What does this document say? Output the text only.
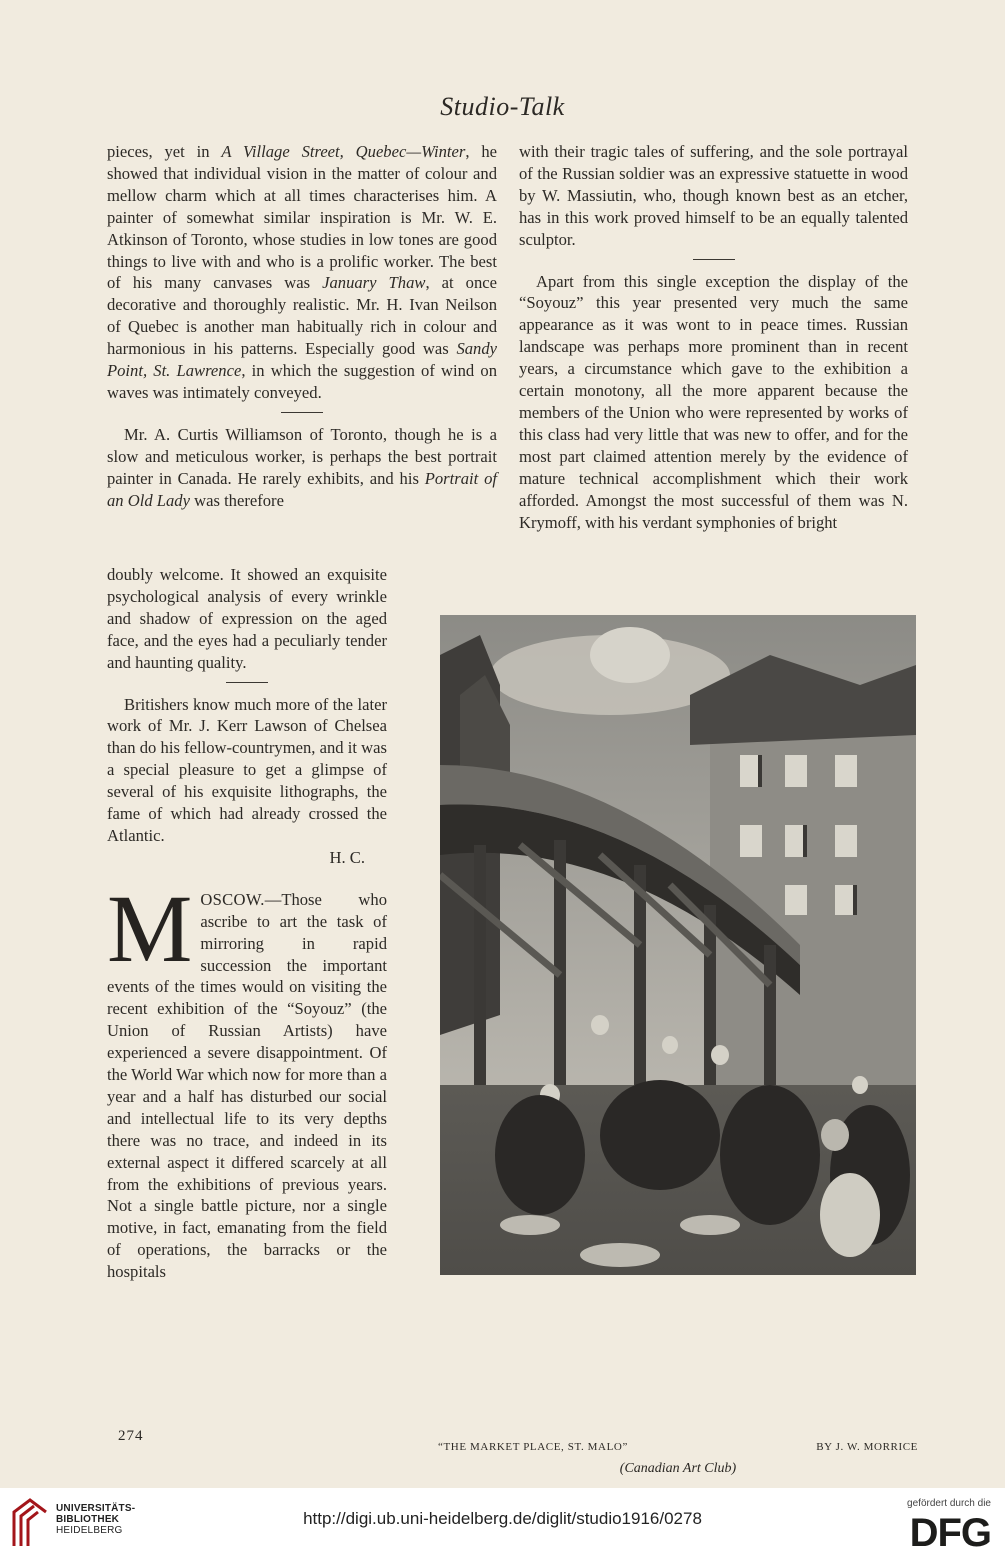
Studio-Talk

pieces, yet in A Village Street, Quebec—Winter, he showed that individual vision in the matter of colour and mellow charm which at all times characterises him. A painter of somewhat similar inspiration is Mr. W. E. Atkinson of Toronto, whose studies in low tones are good things to live with and who is a prolific worker. The best of his many canvases was January Thaw, at once decorative and thoroughly realistic. Mr. H. Ivan Neilson of Quebec is another man habitually rich in colour and harmonious in his patterns. Especially good was Sandy Point, St. Lawrence, in which the suggestion of wind on waves was intimately conveyed.

Mr. A. Curtis Williamson of Toronto, though he is a slow and meticulous worker, is perhaps the best portrait painter in Canada. He rarely exhibits, and his Portrait of an Old Lady was therefore

doubly welcome. It showed an exquisite psychological analysis of every wrinkle and shadow of expression on the aged face, and the eyes had a peculiarly tender and haunting quality.

Britishers know much more of the later work of Mr. J. Kerr Lawson of Chelsea than do his fellow-countrymen, and it was a special pleasure to get a glimpse of several of his exquisite lithographs, the fame of which had already crossed the Atlantic.

H. C.
M OSCOW.—Those who ascribe to art the task of mirroring in rapid succession the important events of the times would on visiting the recent exhibition of the “Soyouz” (the Union of Russian Artists) have experienced a severe disappointment. Of the World War which now for more than a year and a half has disturbed our social and intellectual life to its very depths there was no trace, and indeed in its external aspect it differed scarcely at all from the exhibitions of previous years. Not a single battle picture, nor a single motive, in fact, emanating from the field of operations, the barracks or the hospitals

with their tragic tales of suffering, and the sole portrayal of the Russian soldier was an expressive statuette in wood by W. Massiutin, who, though known best as an etcher, has in this work proved himself to be an equally talented sculptor.

Apart from this single exception the display of the “Soyouz” this year presented very much the same appearance as it was wont to in peace times. Russian landscape was perhaps more prominent than in recent years, a circumstance which gave to the exhibition a certain monotony, all the more apparent because the members of the Union who were represented by works of this class had very little that was new to offer, and for the most part claimed attention merely by the evidence of mature technical accomplishment which their work afforded. Amongst the most successful of them was N. Krymoff, with his verdant symphonies of bright

UNIVERSITÄTS-
BIBLIOTHEK
HEIDELBERG
http://digi.ub.uni-heidelberg.de/diglit/studio1916/0278
gefördert durch die
DFG
“THE MARKET PLACE, ST. MALO”	BY J. W. MORRICE
(Canadian Art Club)
274
